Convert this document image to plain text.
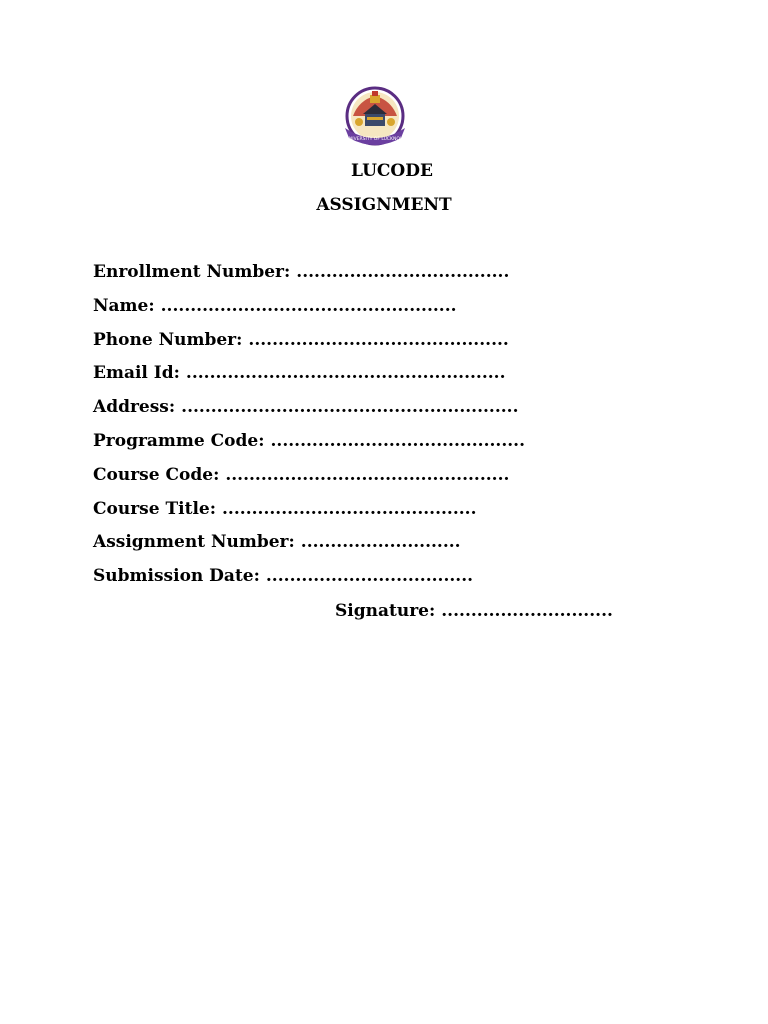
UNIVERSITY OF LUCKNOW
LUCODE
ASSIGNMENT
Enrollment Number: ....................................
Name: ..................................................
Phone Number: ............................................
Email Id: ......................................................
Address: .........................................................
Programme Code: ...........................................
Course Code: ................................................
Course Title: ...........................................
Assignment Number: ...........................
Submission Date: ...................................
Signature: .............................
